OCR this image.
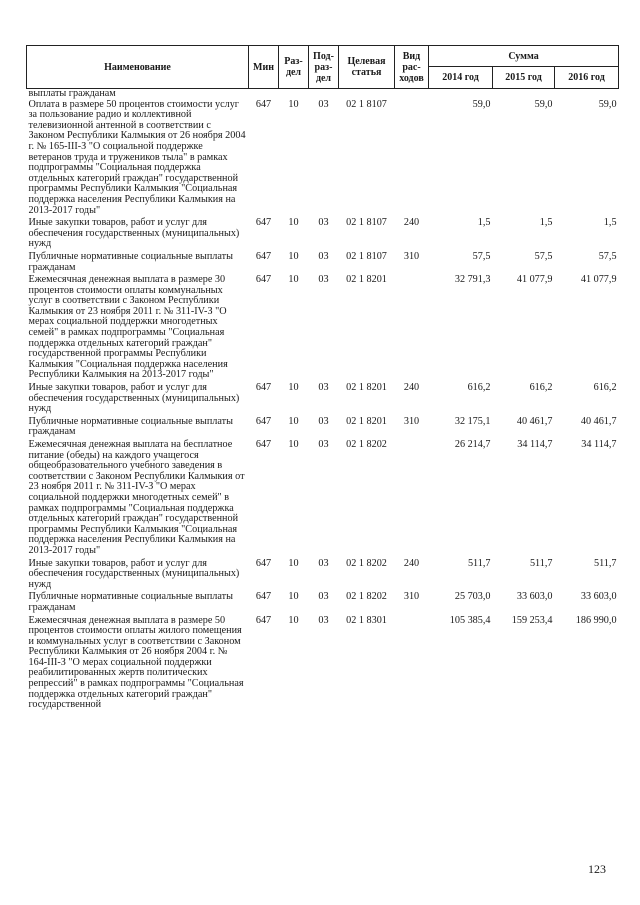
Наименование	Мин	Раз-дел	Под-раз-дел	Целевая статья	Вид рас-ходов	Сумма		
						2014 год	2015 год	2016 год
выплаты гражданам								
Оплата в размере 50 процентов стоимости услуг за пользование радио и коллективной телевизионной антенной в соответствии с Законом Республики Калмыкия от 26 ноября 2004 г. № 165-III-З "О социальной поддержке ветеранов труда и тружеников тыла" в рамках подпрограммы "Социальная поддержка отдельных категорий граждан" государственной программы Республики Калмыкия "Социальная поддержка населения Республики Калмыкия на 2013-2017 годы"	647	10	03	02 1 8107		59,0	59,0	59,0
Иные закупки товаров, работ и услуг для обеспечения государственных (муниципальных) нужд	647	10	03	02 1 8107	240	1,5	1,5	1,5
Публичные нормативные социальные выплаты гражданам	647	10	03	02 1 8107	310	57,5	57,5	57,5
Ежемесячная денежная выплата в размере 30 процентов стоимости оплаты коммунальных услуг в соответствии с Законом Республики Калмыкия от 23 ноября 2011 г. № 311-IV-З "О мерах социальной поддержки многодетных семей" в рамках подпрограммы "Социальная поддержка отдельных категорий граждан" государственной программы Республики Калмыкия "Социальная поддержка населения Республики Калмыкия на 2013-2017 годы"	647	10	03	02 1 8201		32 791,3	41 077,9	41 077,9
Иные закупки товаров, работ и услуг для обеспечения государственных (муниципальных) нужд	647	10	03	02 1 8201	240	616,2	616,2	616,2
Публичные нормативные социальные выплаты гражданам	647	10	03	02 1 8201	310	32 175,1	40 461,7	40 461,7
Ежемесячная денежная выплата на бесплатное питание (обеды) на каждого учащегося общеобразовательного учебного заведения в соответствии с Законом Республики Калмыкия от 23 ноября 2011 г. № 311-IV-З "О мерах социальной поддержки многодетных семей" в рамках подпрограммы "Социальная поддержка отдельных категорий граждан" государственной программы Республики Калмыкия "Социальная поддержка населения Республики Калмыкия на 2013-2017 годы"	647	10	03	02 1 8202		26 214,7	34 114,7	34 114,7
Иные закупки товаров, работ и услуг для обеспечения государственных (муниципальных) нужд	647	10	03	02 1 8202	240	511,7	511,7	511,7
Публичные нормативные социальные выплаты гражданам	647	10	03	02 1 8202	310	25 703,0	33 603,0	33 603,0
Ежемесячная денежная выплата в размере 50 процентов стоимости оплаты жилого помещения и коммунальных услуг в соответствии с Законом Республики Калмыкия от 26 ноября 2004 г. № 164-III-З "О мерах социальной поддержки реабилитированных жертв политических репрессий" в рамках подпрограммы "Социальная поддержка отдельных категорий граждан" государственной	647	10	03	02 1 8301		105 385,4	159 253,4	186 990,0
123
